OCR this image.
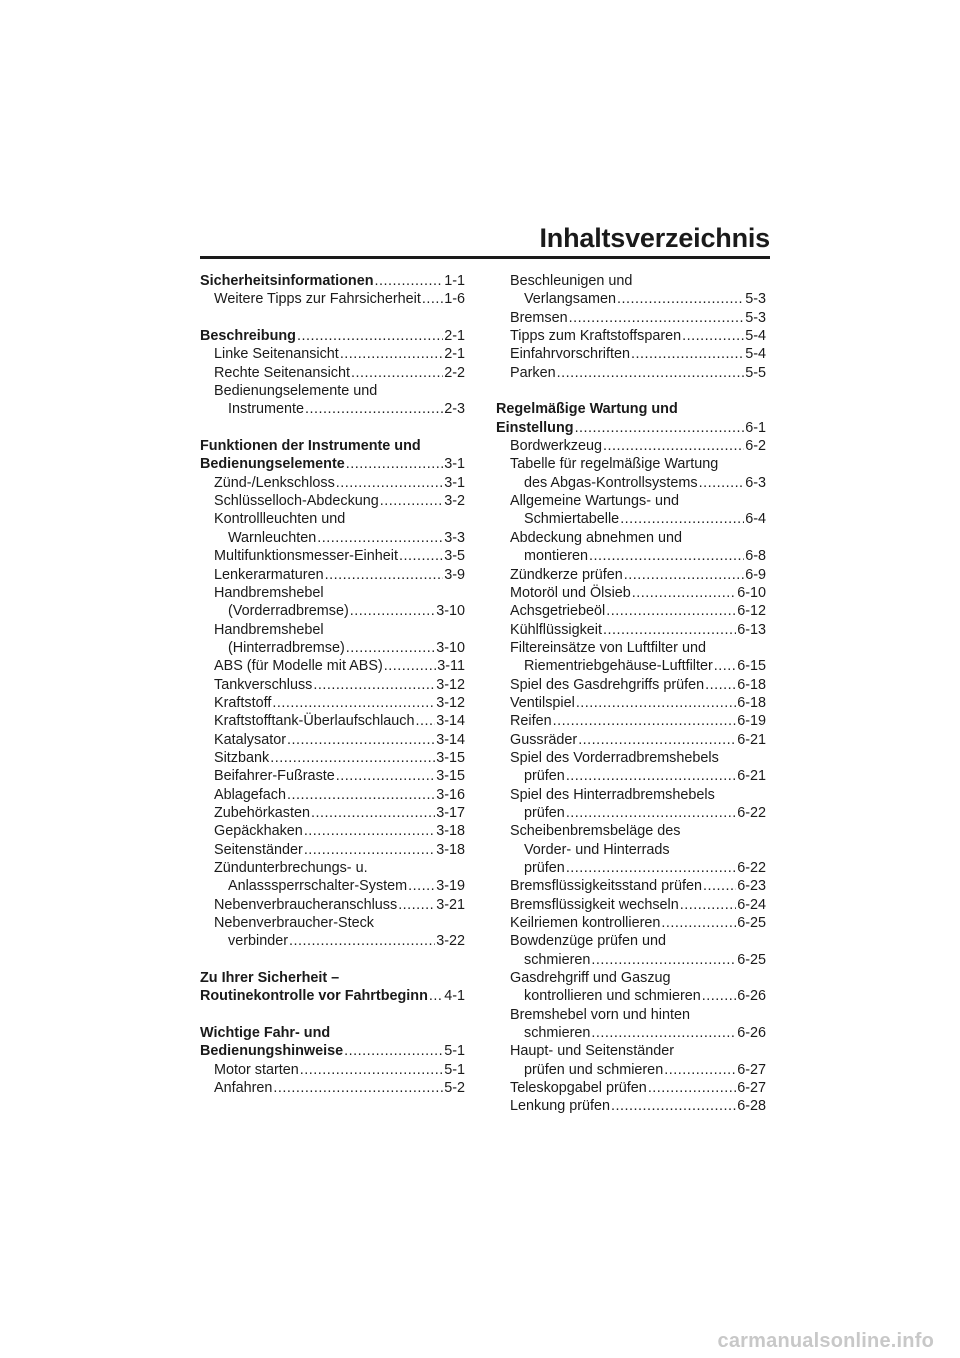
Inhaltsverzeichnis
Sicherheitsinformationen .....	1-1
Weitere Tipps zur Fahrsicherheit ..... 1-6
Beschreibung .....	2-1
Linke Seitenansicht .....	2-1
Rechte Seitenansicht .....	2-2
Bedienungselemente und
Instrumente .....	2-3
Funktionen der Instrumente und
Bedienungselemente .....	3-1
Zünd-/Lenkschloss .....	3-1
Schlüsselloch-Abdeckung .....	3-2
Kontrollleuchten und
Warnleuchten .....	3-3
Multifunktionsmesser-Einheit .....	3-5
Lenkerarmaturen .....	3-9
Handbremshebel
(Vorderradbremse) .....	3-10
Handbremshebel
(Hinterradbremse) .....	3-10
ABS (für Modelle mit ABS) .....	3-11
Tankverschluss .....	3-12
Kraftstoff .....	3-12
Kraftstofftank-Überlaufschlauch ..... 3-14
Katalysator .....	3-14
Sitzbank .....	3-15
Beifahrer-Fußraste .....	3-15
Ablagefach .....	3-16
Zubehörkasten .....	3-17
Gepäckhaken .....	3-18
Seitenständer .....	3-18
Zündunterbrechungs- u.
Anlasssperrschalter-System ..... 3-19
Nebenverbraucheranschluss .....	3-21
Nebenverbraucher-Steck
verbinder .....	3-22
Zu Ihrer Sicherheit –
Routinekontrolle vor Fahrtbeginn ..... 4-1
Wichtige Fahr- und
Bedienungshinweise .....	5-1
Motor starten .....	5-1
Anfahren .....	5-2
Beschleunigen und
Verlangsamen .....	5-3
Bremsen .....	5-3
Tipps zum Kraftstoffsparen .....	5-4
Einfahrvorschriften .....	5-4
Parken .....	5-5
Regelmäßige Wartung und
Einstellung .....	6-1
Bordwerkzeug .....	6-2
Tabelle für regelmäßige Wartung
des Abgas-Kontrollsystems .....	6-3
Allgemeine Wartungs- und
Schmiertabelle .....	6-4
Abdeckung abnehmen und
montieren .....	6-8
Zündkerze prüfen .....	6-9
Motoröl und Ölsieb .....	6-10
Achsgetriebeöl .....	6-12
Kühlflüssigkeit .....	6-13
Filtereinsätze von Luftfilter und
Riementriebgehäuse-Luftfilter ..... 6-15
Spiel des Gasdrehgriffs prüfen ..... 6-18
Ventilspiel .....	6-18
Reifen .....	6-19
Gussräder .....	6-21
Spiel des Vorderradbremshebels
prüfen .....	6-21
Spiel des Hinterradbremshebels
prüfen .....	6-22
Scheibenbremsbeläge des
Vorder- und Hinterrads
prüfen .....	6-22
Bremsflüssigkeitsstand prüfen ..... 6-23
Bremsflüssigkeit wechseln .....	6-24
Keilriemen kontrollieren .....	6-25
Bowdenzüge prüfen und
schmieren .....	6-25
Gasdrehgriff und Gaszug
kontrollieren und schmieren .....	6-26
Bremshebel vorn und hinten
schmieren .....	6-26
Haupt- und Seitenständer
prüfen und schmieren .....	6-27
Teleskopgabel prüfen .....	6-27
Lenkung prüfen .....	6-28
carmanualsonline.info
